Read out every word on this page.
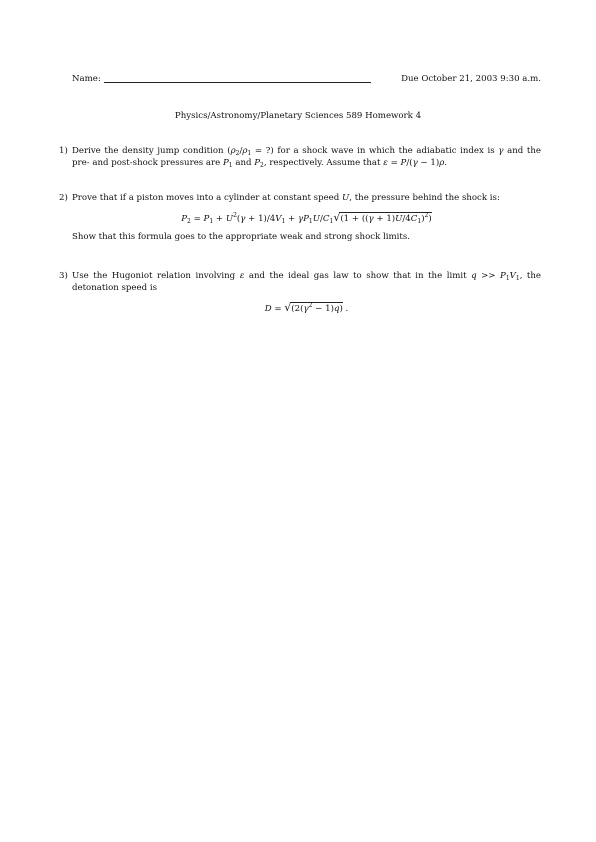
Name:	Due October 21, 2003 9:30 a.m.
Physics/Astronomy/Planetary Sciences 589 Homework 4
1) Derive the density jump condition ($\rho_2/\rho_1$ = ?) for a shock wave in which the adiabatic index is γ and the pre- and post-shock pressures are $P_1$ and $P_2$, respectively. Assume that ε = P/(γ − 1)ρ.

2) Prove that if a piston moves into a cylinder at constant speed U, the pressure behind the shock is:

$P_2 = P_1 + U^2(\gamma + 1)/4V_1 + \gamma P_1U/C_1√(1 + ((\gamma + 1)U/4C_1)^2)$

Show that this formula goes to the appropriate weak and strong shock limits.

3) Use the Hugoniot relation involving ε and the ideal gas law to show that in the limit $q >> P_1V_1$, the detonation speed is

$D = √(2(\gamma^2 - 1)q)$ .
